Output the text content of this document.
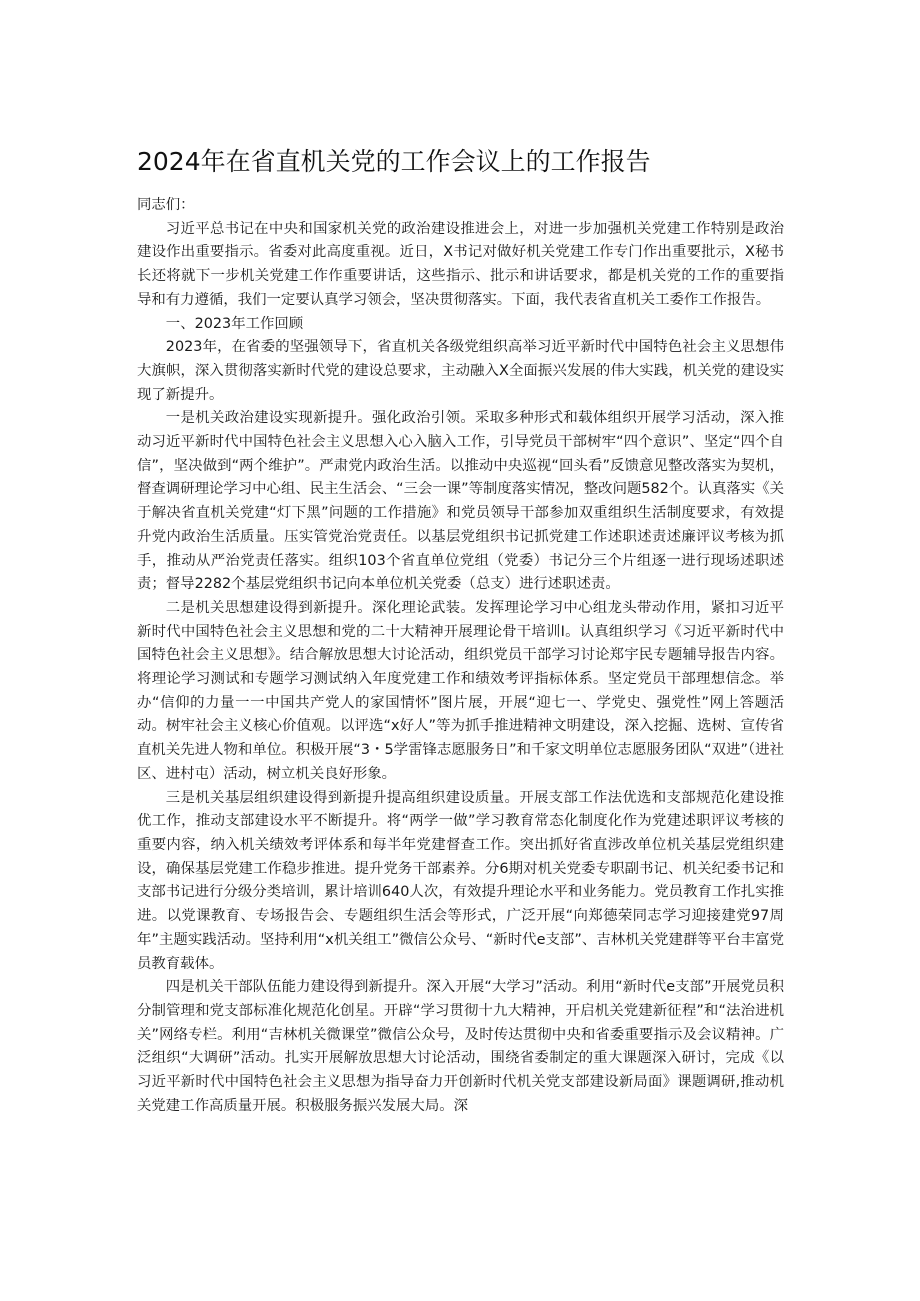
2024年在省直机关党的工作会议上的工作报告

同志们：

习近平总书记在中央和国家机关党的政治建设推进会上，对进一步加强机关党建工作特别是政治建设作出重要指示。省委对此高度重视。近日，X书记对做好机关党建工作专门作出重要批示，X秘书长还将就下一步机关党建工作作重要讲话，这些指示、批示和讲话要求，都是机关党的工作的重要指导和有力遵循，我们一定要认真学习领会，坚决贯彻落实。下面，我代表省直机关工委作工作报告。

一、2023年工作回顾

2023年，在省委的坚强领导下，省直机关各级党组织高举习近平新时代中国特色社会主义思想伟大旗帜，深入贯彻落实新时代党的建设总要求，主动融入X全面振兴发展的伟大实践，机关党的建设实现了新提升。

一是机关政治建设实现新提升。强化政治引领。采取多种形式和载体组织开展学习活动，深入推动习近平新时代中国特色社会主义思想入心入脑入工作，引导党员干部树牢“四个意识”、坚定“四个自信”，坚决做到“两个维护”。严肃党内政治生活。以推动中央巡视“回头看”反馈意见整改落实为契机，督查调研理论学习中心组、民主生活会、“三会一课”等制度落实情况，整改问题582个。认真落实《关于解决省直机关党建“灯下黑”问题的工作措施》和党员领导干部参加双重组织生活制度要求，有效提升党内政治生活质量。压实管党治党责任。以基层党组织书记抓党建工作述职述责述廉评议考核为抓手，推动从严治党责任落实。组织103个省直单位党组（党委）书记分三个片组逐一进行现场述职述责；督导2282个基层党组织书记向本单位机关党委（总支）进行述职述责。

二是机关思想建设得到新提升。深化理论武装。发挥理论学习中心组龙头带动作用，紧扣习近平新时代中国特色社会主义思想和党的二十大精神开展理论骨干培训I。认真组织学习《习近平新时代中国特色社会主义思想》。结合解放思想大讨论活动，组织党员干部学习讨论郑宇民专题辅导报告内容。将理论学习测试和专题学习测试纳入年度党建工作和绩效考评指标体系。坚定党员干部理想信念。举办“信仰的力量一一中国共产党人的家国情怀”图片展，开展“迎七一、学党史、强党性”网上答题活动。树牢社会主义核心价值观。以评选“x好人”等为抓手推进精神文明建设，深入挖掘、选树、宣传省直机关先进人物和单位。积极开展“3・5学雷锋志愿服务日”和千家文明单位志愿服务团队“双进”（进社区、进村屯）活动，树立机关良好形象。

三是机关基层组织建设得到新提升提高组织建设质量。开展支部工作法优选和支部规范化建设推优工作，推动支部建设水平不断提升。将“两学一做”学习教育常态化制度化作为党建述职评议考核的重要内容，纳入机关绩效考评体系和每半年党建督查工作。突出抓好省直涉改单位机关基层党组织建设，确保基层党建工作稳步推进。提升党务干部素养。分6期对机关党委专职副书记、机关纪委书记和支部书记进行分级分类培训，累计培训640人次，有效提升理论水平和业务能力。党员教育工作扎实推进。以党课教育、专场报告会、专题组织生活会等形式，广泛开展“向郑德荣同志学习迎接建党97周年”主题实践活动。坚持利用“x机关组工”微信公众号、“新时代e支部”、吉林机关党建群等平台丰富党员教育载体。

四是机关干部队伍能力建设得到新提升。深入开展“大学习”活动。利用“新时代e支部”开展党员积分制管理和党支部标准化规范化创星。开辟“学习贯彻十九大精神，开启机关党建新征程”和“法治进机关”网络专栏。利用“吉林机关微课堂”微信公众号，及时传达贯彻中央和省委重要指示及会议精神。广泛组织“大调研”活动。扎实开展解放思想大讨论活动，围绕省委制定的重大课题深入研讨，完成《以习近平新时代中国特色社会主义思想为指导奋力开创新时代机关党支部建设新局面》课题调研,推动机关党建工作高质量开展。积极服务振兴发展大局。深
